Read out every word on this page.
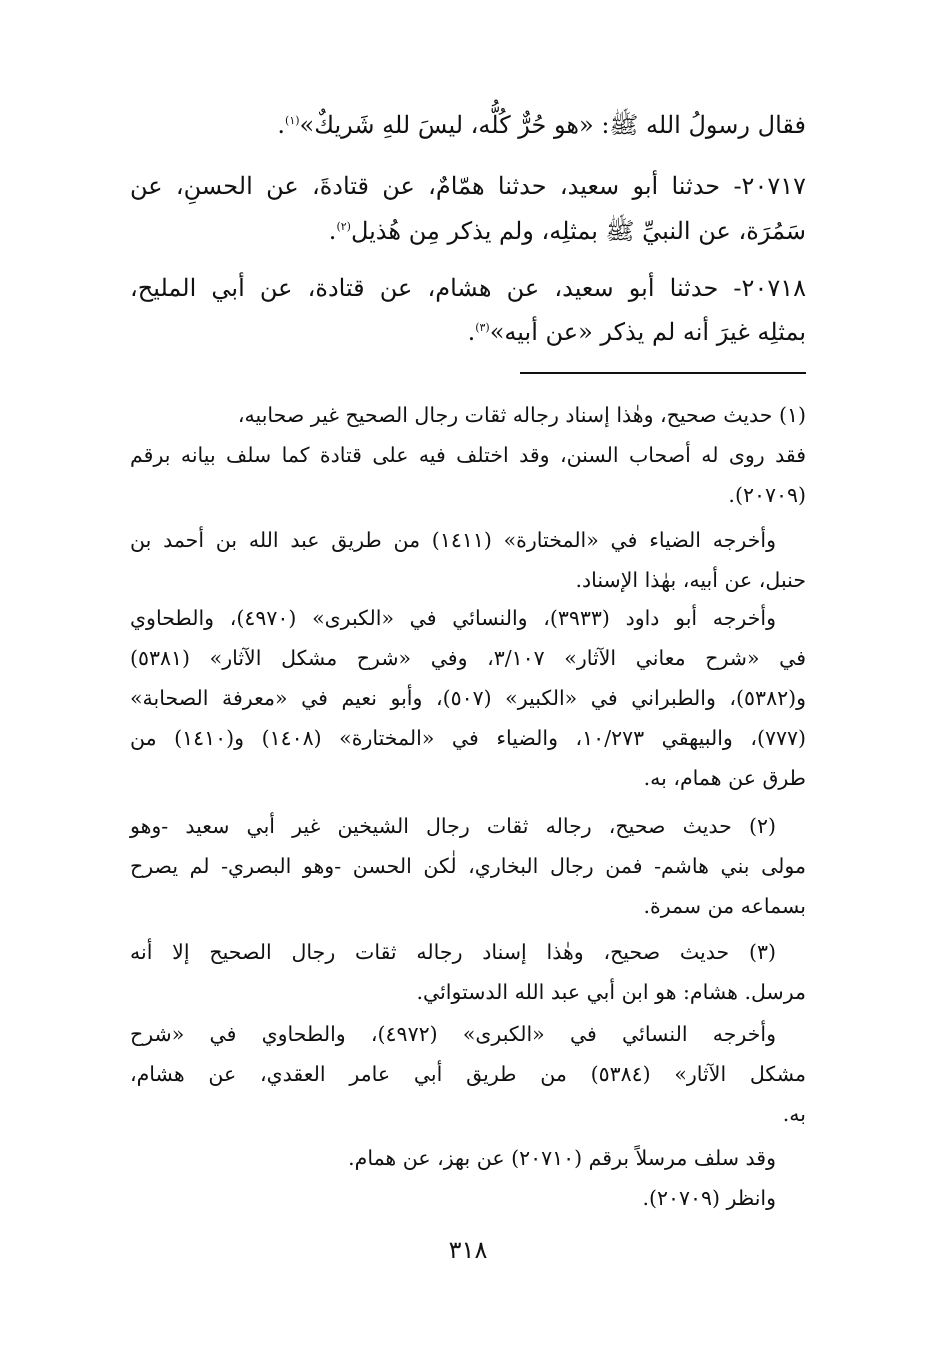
فقال رسولُ الله ﷺ: «هو حُرٌّ كُلُّه، ليسَ للهِ شَريكٌ»$^{(١)}$.

٢٠٧١٧- حدثنا أبو سعيد، حدثنا همّامٌ، عن قتادةَ، عن الحسنِ، عن

سَمُرَة، عن النبيِّ ﷺ بمثلِه، ولم يذكر مِن هُذيل$^{(٢)}$.

٢٠٧١٨- حدثنا أبو سعيد، عن هشام، عن قتادة، عن أبي المليح،

بمثلِه غيرَ أنه لم يذكر «عن أبيه»$^{(٣)}$.

(١) حديث صحيح، وهٰذا إسناد رجاله ثقات رجال الصحيح غير صحابيه،

فقد روى له أصحاب السنن، وقد اختلف فيه على قتادة كما سلف بيانه برقم

(٢٠٧٠٩).

وأخرجه الضياء في «المختارة» (١٤١١) من طريق عبد الله بن أحمد بن

حنبل، عن أبيه، بهٰذا الإسناد.

وأخرجه أبو داود (٣٩٣٣)، والنسائي في «الكبرى» (٤٩٧٠)، والطحاوي

في «شرح معاني الآثار» ٣/١٠٧، وفي «شرح مشكل الآثار» (٥٣٨١)

و(٥٣٨٢)، والطبراني في «الكبير» (٥٠٧)، وأبو نعيم في «معرفة الصحابة»

(٧٧٧)، والبيهقي ١٠/٢٧٣، والضياء في «المختارة» (١٤٠٨) و(١٤١٠) من

طرق عن همام، به.

(٢) حديث صحيح، رجاله ثقات رجال الشيخين غير أبي سعيد -وهو

مولى بني هاشم- فمن رجال البخاري، لٰكن الحسن -وهو البصري- لم يصرح

بسماعه من سمرة.

(٣) حديث صحيح، وهٰذا إسناد رجاله ثقات رجال الصحيح إلا أنه

مرسل. هشام: هو ابن أبي عبد الله الدستوائي.

وأخرجه النسائي في «الكبرى» (٤٩٧٢)، والطحاوي في «شرح

مشكل الآثار» (٥٣٨٤) من طريق أبي عامر العقدي، عن هشام،

به.

وقد سلف مرسلاً برقم (٢٠٧١٠) عن بهز، عن همام.

وانظر (٢٠٧٠٩).

٣١٨
